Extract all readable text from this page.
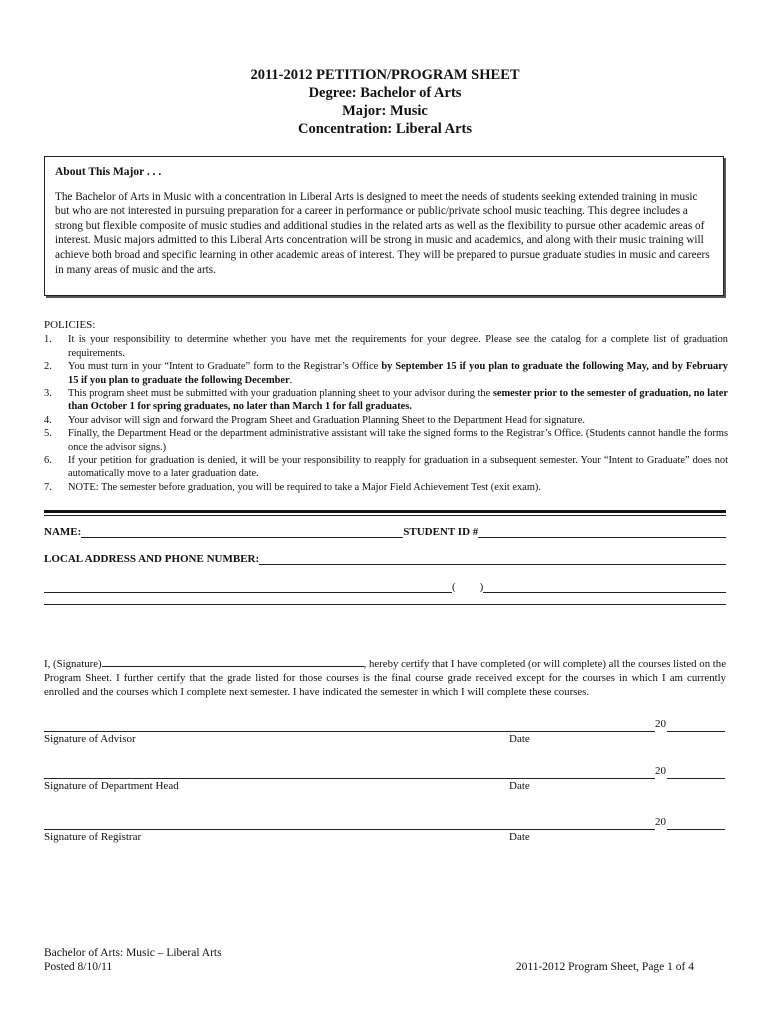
2011-2012 PETITION/PROGRAM SHEET
Degree: Bachelor of Arts
Major: Music
Concentration: Liberal Arts
About This Major . . .
The Bachelor of Arts in Music with a concentration in Liberal Arts is designed to meet the needs of students seeking extended training in music but who are not interested in pursuing preparation for a career in performance or public/private school music teaching. This degree includes a strong but flexible composite of music studies and additional studies in the related arts as well as the flexibility to pursue other academic areas of interest. Music majors admitted to this Liberal Arts concentration will be strong in music and academics, and along with their music training will achieve both broad and specific learning in other academic areas of interest. They will be prepared to pursue graduate studies in music and careers in many areas of music and the arts.
POLICIES:
1.	It is your responsibility to determine whether you have met the requirements for your degree. Please see the catalog for a complete list of graduation requirements.
2.	You must turn in your “Intent to Graduate” form to the Registrar’s Office by September 15 if you plan to graduate the following May, and by February 15 if you plan to graduate the following December.
3.	This program sheet must be submitted with your graduation planning sheet to your advisor during the semester prior to the semester of graduation, no later than October 1 for spring graduates, no later than March 1 for fall graduates.
4.	Your advisor will sign and forward the Program Sheet and Graduation Planning Sheet to the Department Head for signature.
5.	Finally, the Department Head or the department administrative assistant will take the signed forms to the Registrar’s Office. (Students cannot handle the forms once the advisor signs.)
6.	If your petition for graduation is denied, it will be your responsibility to reapply for graduation in a subsequent semester. Your “Intent to Graduate” does not automatically move to a later graduation date.
7.	NOTE: The semester before graduation, you will be required to take a Major Field Achievement Test (exit exam).
NAME:	STUDENT ID #
LOCAL ADDRESS AND PHONE NUMBER:
( )
I, (Signature)	, hereby certify that I have completed (or will complete) all the courses listed on the Program Sheet. I further certify that the grade listed for those courses is the final course grade received except for the courses in which I am currently enrolled and the courses which I complete next semester. I have indicated the semester in which I will complete these courses.
20
Signature of Advisor	Date
20
Signature of Department Head	Date
20
Signature of Registrar	Date
Bachelor of Arts: Music – Liberal Arts
Posted 8/10/11	2011-2012 Program Sheet, Page 1 of 4
